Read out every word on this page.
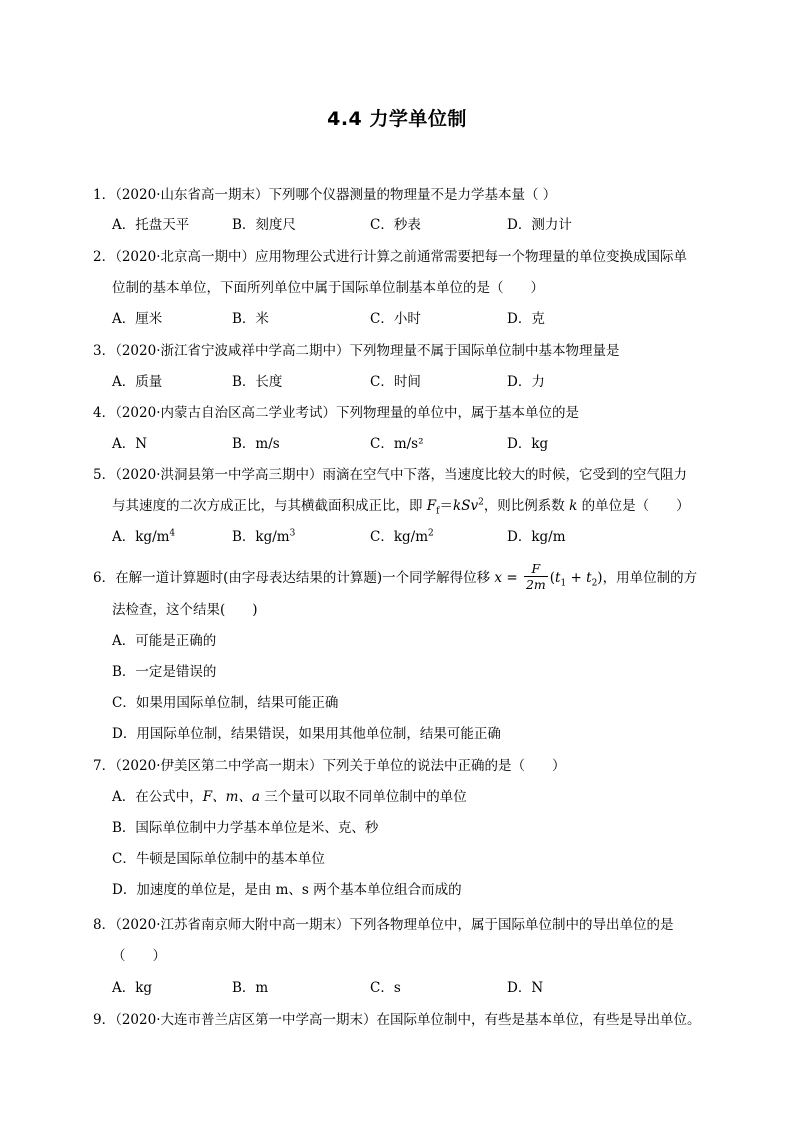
4.4 力学单位制
1．（2020·山东省高一期末）下列哪个仪器测量的物理量不是力学基本量（ ）
A．托盘天平	B．刻度尺	C．秒表	D．测力计
2．（2020·北京高一期中）应用物理公式进行计算之前通常需要把每一个物理量的单位变换成国际单
位制的基本单位，下面所列单位中属于国际单位制基本单位的是（　　）
A．厘米	B．米	C．小时	D．克
3．（2020·浙江省宁波咸祥中学高二期中）下列物理量不属于国际单位制中基本物理量是
A．质量	B．长度	C．时间	D．力
4．（2020·内蒙古自治区高二学业考试）下列物理量的单位中，属于基本单位的是
A．N	B．m/s	C．m/s²	D．kg
5．（2020·洪洞县第一中学高三期中）雨滴在空气中下落，当速度比较大的时候，它受到的空气阻力
与其速度的二次方成正比，与其横截面积成正比，即 $F_f=kSv^2$，则比例系数 k 的单位是（　　）
A．$kg/m^4$	B．$kg/m^3$	C．$kg/m^2$	D．kg/m
6．在解一道计算题时(由字母表达结果的计算题)一个同学解得位移 $x = \frac{F}{2m} (t_1 + t_2)$，用单位制的方
法检查，这个结果(　　)
A．可能是正确的
B．一定是错误的
C．如果用国际单位制，结果可能正确
D．用国际单位制，结果错误，如果用其他单位制，结果可能正确
7．（2020·伊美区第二中学高一期末）下列关于单位的说法中正确的是（　　）
A．在公式中，F、m、a 三个量可以取不同单位制中的单位
B．国际单位制中力学基本单位是米、克、秒
C．牛顿是国际单位制中的基本单位
D．加速度的单位是，是由 m、s 两个基本单位组合而成的
8．（2020·江苏省南京师大附中高一期末）下列各物理单位中，属于国际单位制中的导出单位的是
（　　）
A．kg	B．m	C．s	D．N
9．（2020·大连市普兰店区第一中学高一期末）在国际单位制中，有些是基本单位，有些是导出单位。
